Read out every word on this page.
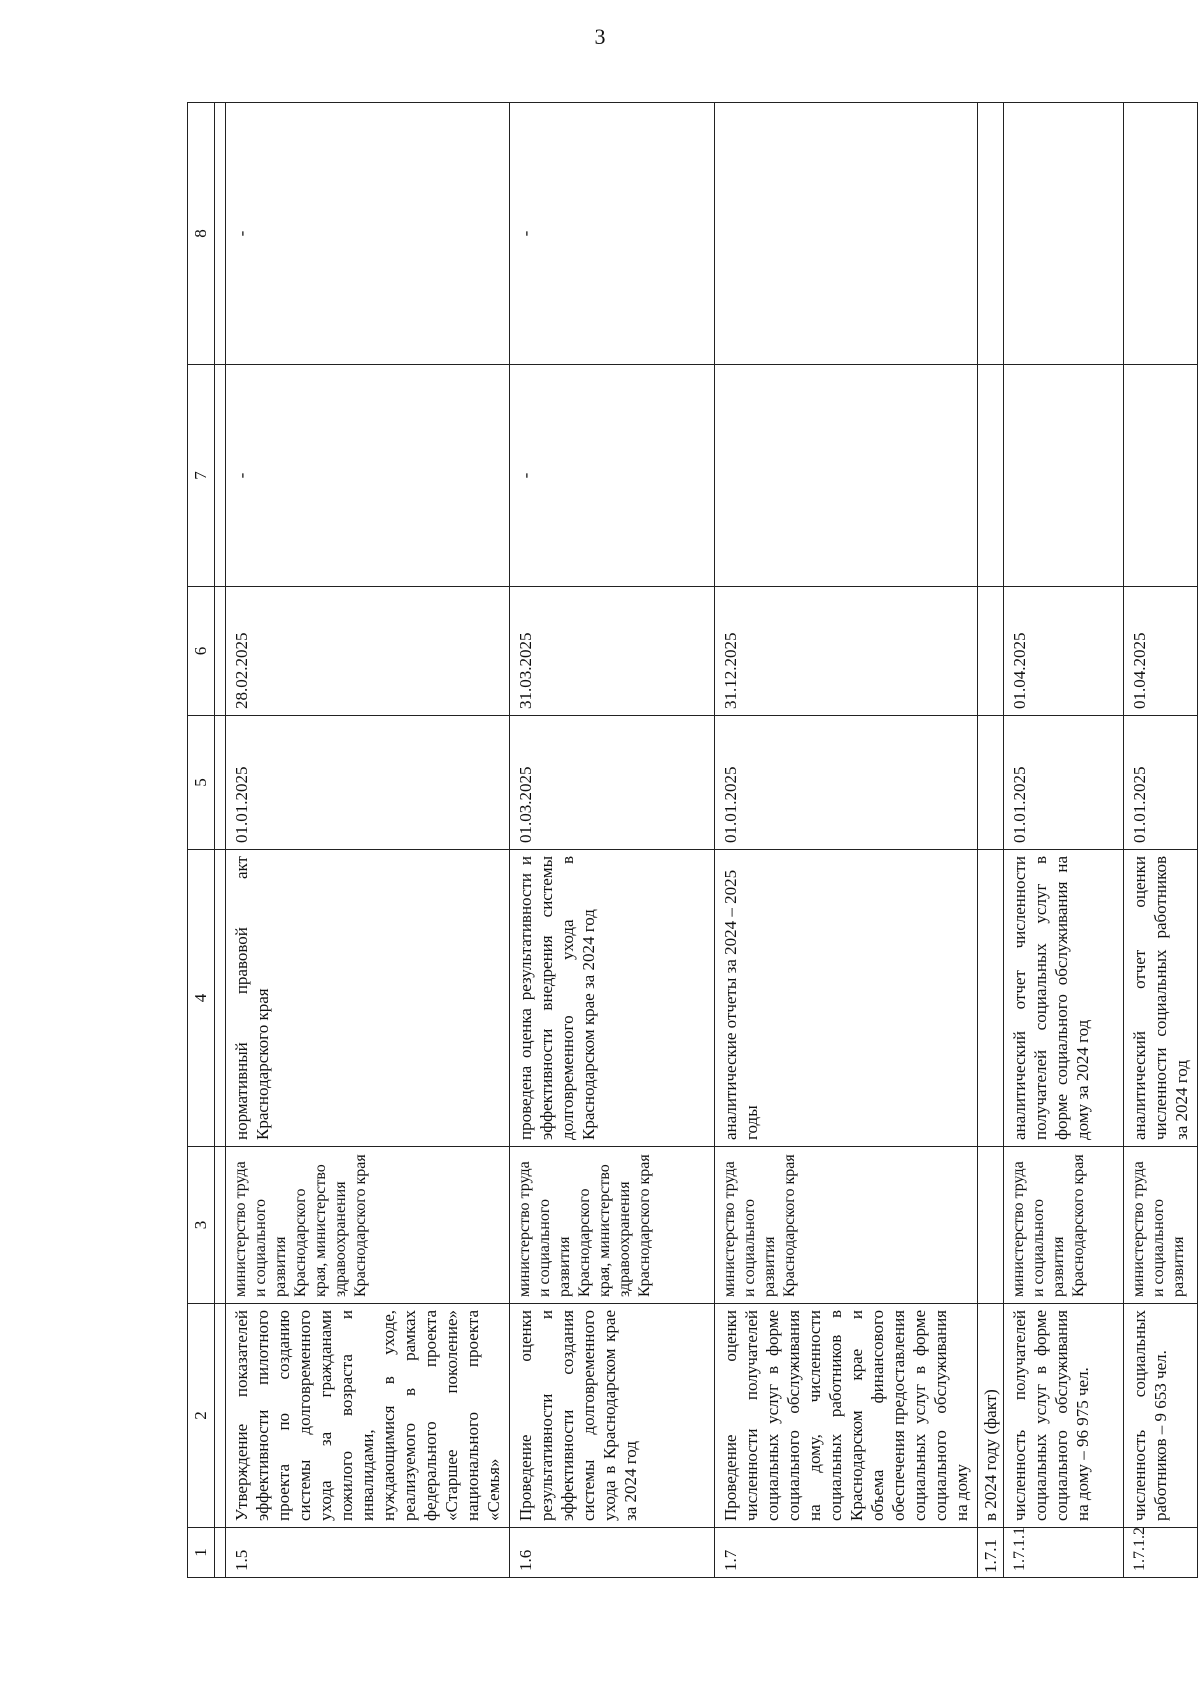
3
1	2	3	4	5	6	7	8

1.5	Утверждение показателей эффективности пилотного проекта по созданию системы долговременного ухода за гражданами пожилого возраста и инвалидами, нуждающимися в уходе, реализуемого в рамках федерального проекта «Старшее поколение» национального проекта «Семья»	министерство труда и социального развития Краснодарского края, министерство здравоохранения Краснодарского края	нормативный правовой акт Краснодарского края	01.01.2025	28.02.2025	-	-

1.6	Проведение оценки результативности и эффективности создания системы долговременного ухода в Краснодарском крае за 2024 год	министерство труда и социального развития Краснодарского края, министерство здравоохранения Краснодарского края	проведена оценка результативности и эффективности внедрения системы долговременного ухода в Краснодарском крае за 2024 год	01.03.2025	31.03.2025	-	-

1.7	Проведение оценки численности получателей социальных услуг в форме социального обслуживания на дому, численности социальных работников в Краснодарском крае и объема финансового обеспечения предоставления социальных услуг в форме социального обслуживания на дому	министерство труда и социального развития Краснодарского края	аналитические отчеты за 2024 – 2025 годы	01.01.2025	31.12.2025		
1.7.1	в 2024 году (факт)						
1.7.1.1	численность получателей социальных услуг в форме социального обслуживания на дому – 96 975 чел.	министерство труда и социального развития Краснодарского края	аналитический отчет численности получателей социальных услуг в форме социального обслуживания на дому за 2024 год	01.01.2025	01.04.2025		
1.7.1.2	численность социальных работников – 9 653 чел.	министерство труда и социального развития	аналитический отчет оценки численности социальных работников за 2024 год	01.01.2025	01.04.2025		
